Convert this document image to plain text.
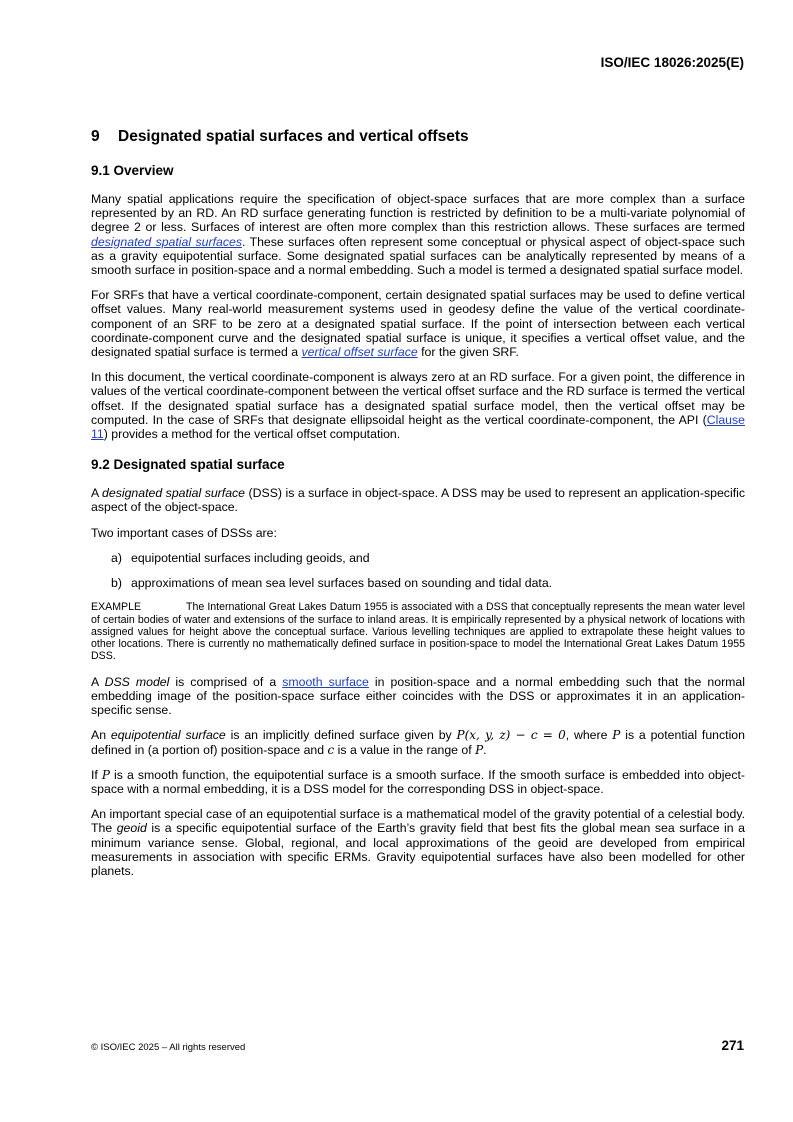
ISO/IEC 18026:2025(E)
9	Designated spatial surfaces and vertical offsets
9.1 Overview

Many spatial applications require the specification of object-space surfaces that are more complex than a surface represented by an RD. An RD surface generating function is restricted by definition to be a multi-variate polynomial of degree 2 or less. Surfaces of interest are often more complex than this restriction allows. These surfaces are termed designated spatial surfaces. These surfaces often represent some conceptual or physical aspect of object-space such as a gravity equipotential surface. Some designated spatial surfaces can be analytically represented by means of a smooth surface in position-space and a normal embedding. Such a model is termed a designated spatial surface model.

For SRFs that have a vertical coordinate-component, certain designated spatial surfaces may be used to define vertical offset values. Many real-world measurement systems used in geodesy define the value of the vertical coordinate-component of an SRF to be zero at a designated spatial surface. If the point of intersection between each vertical coordinate-component curve and the designated spatial surface is unique, it specifies a vertical offset value, and the designated spatial surface is termed a vertical offset surface for the given SRF.

In this document, the vertical coordinate-component is always zero at an RD surface. For a given point, the difference in values of the vertical coordinate-component between the vertical offset surface and the RD surface is termed the vertical offset. If the designated spatial surface has a designated spatial surface model, then the vertical offset may be computed. In the case of SRFs that designate ellipsoidal height as the vertical coordinate-component, the API (Clause 11) provides a method for the vertical offset computation.

9.2 Designated spatial surface

A designated spatial surface (DSS) is a surface in object-space. A DSS may be used to represent an application-specific aspect of the object-space.

Two important cases of DSSs are:

a) equipotential surfaces including geoids, and
b) approximations of mean sea level surfaces based on sounding and tidal data.
EXAMPLE	The International Great Lakes Datum 1955 is associated with a DSS that conceptually represents the mean water level of certain bodies of water and extensions of the surface to inland areas. It is empirically represented by a physical network of locations with assigned values for height above the conceptual surface. Various levelling techniques are applied to extrapolate these height values to other locations. There is currently no mathematically defined surface in position-space to model the International Great Lakes Datum 1955 DSS.

A DSS model is comprised of a smooth surface in position-space and a normal embedding such that the normal embedding image of the position-space surface either coincides with the DSS or approximates it in an application-specific sense.

An equipotential surface is an implicitly defined surface given by P(x, y, z) − c = 0, where P is a potential function defined in (a portion of) position-space and c is a value in the range of P.

If P is a smooth function, the equipotential surface is a smooth surface. If the smooth surface is embedded into object-space with a normal embedding, it is a DSS model for the corresponding DSS in object-space.

An important special case of an equipotential surface is a mathematical model of the gravity potential of a celestial body. The geoid is a specific equipotential surface of the Earth’s gravity field that best fits the global mean sea surface in a minimum variance sense. Global, regional, and local approximations of the geoid are developed from empirical measurements in association with specific ERMs. Gravity equipotential surfaces have also been modelled for other planets.

© ISO/IEC 2025 – All rights reserved	271
